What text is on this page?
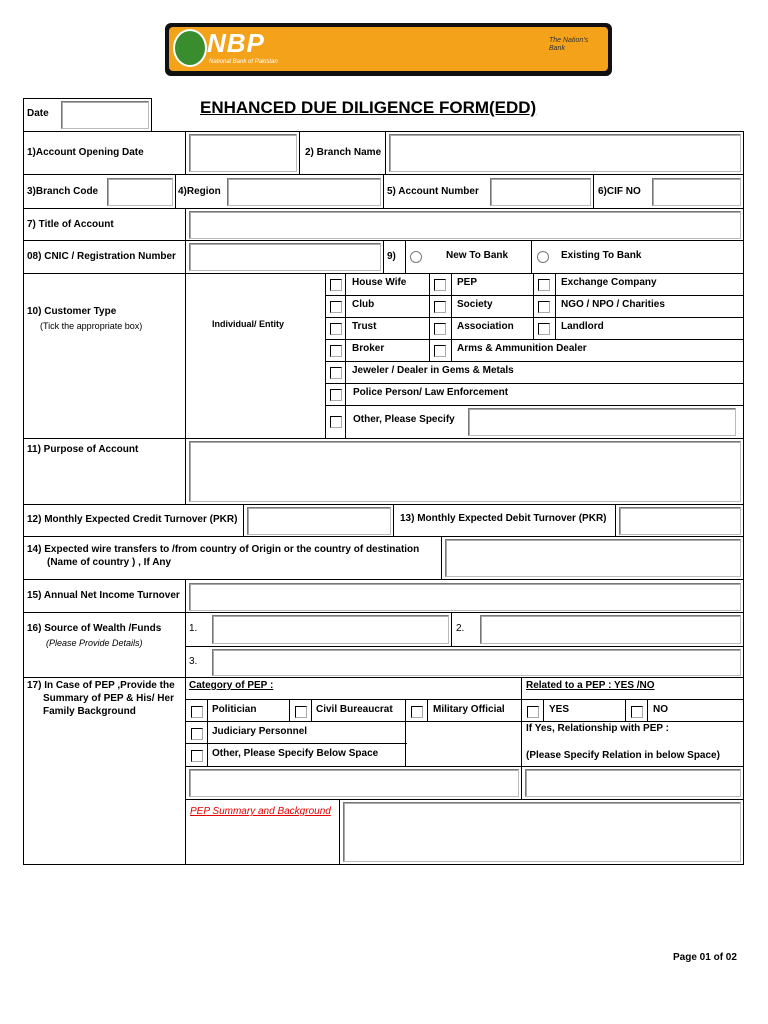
NBP
National Bank of Pakistan
The Nation's Bank
ENHANCED DUE DILIGENCE FORM(EDD)
Date
1)Account Opening Date	2) Branch Name
3)Branch Code	4)Region	5) Account Number	6)CIF NO
7) Title of Account
08) CNIC / Registration Number	9)	New To Bank	Existing To Bank
10) Customer Type
(Tick the appropriate box)	Individual/ Entity
House Wife	PEP	Exchange Company
Club	Society	NGO / NPO / Charities
Trust	Association	Landlord
Broker	Arms & Ammunition Dealer
Jeweler / Dealer in Gems & Metals
Police Person/ Law Enforcement
Other, Please Specify
11) Purpose of Account
12) Monthly Expected Credit Turnover (PKR)	13) Monthly Expected Debit Turnover (PKR)
14) Expected wire transfers to /from country of Origin or the country of destination
(Name of country ) , If Any
15) Annual Net Income Turnover
16) Source of Wealth /Funds
(Please Provide Details)
1.	2.
3.
17) In Case of PEP ,Provide the
Summary of PEP & His/ Her
Family Background
Category of PEP :	Related to a PEP : YES /NO
Politician	Civil Bureaucrat	Military Official	YES	NO
Judiciary Personnel	If Yes, Relationship with PEP :
Other, Please Specify Below Space	(Please Specify Relation in below Space)
PEP Summary and Background
Page 01 of 02
